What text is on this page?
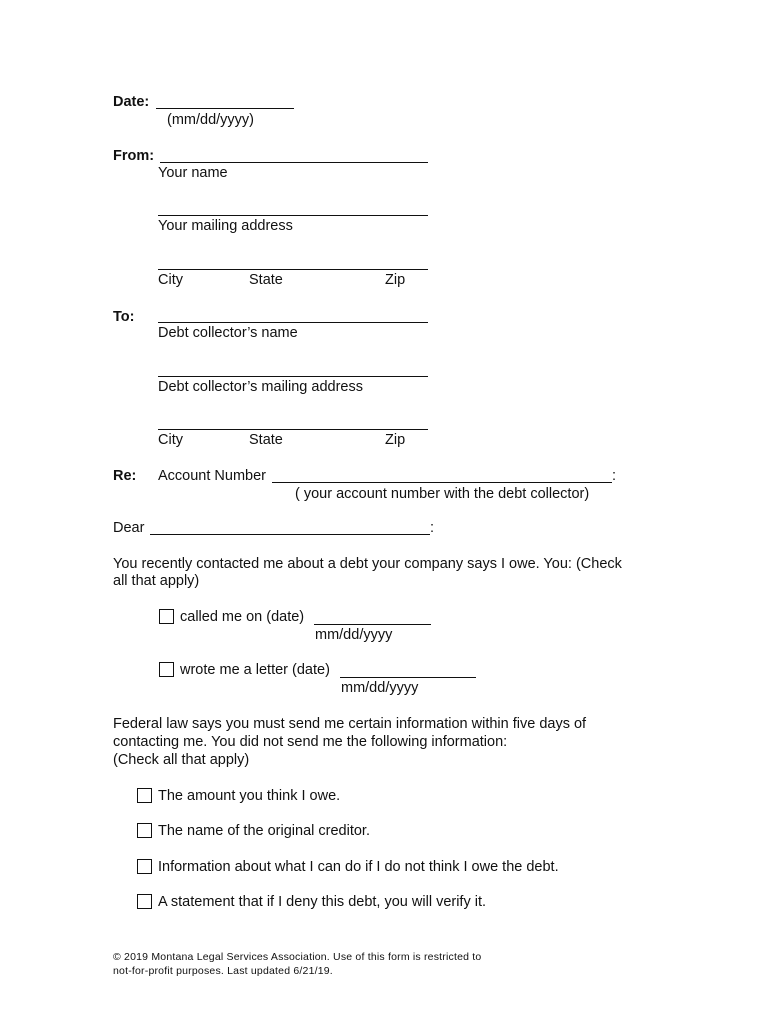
Date:
(mm/dd/yyyy)
From:
Your name
Your mailing address
City	State	Zip
To:
Debt collector’s name
Debt collector’s mailing address
City	State	Zip
Re: Account Number	:
( your account number with the debt collector)
Dear	:
You recently contacted me about a debt your company says I owe. You: (Check
all that apply)
called me on (date)
mm/dd/yyyy
wrote me a letter (date)
mm/dd/yyyy
Federal law says you must send me certain information within five days of
contacting me. You did not send me the following information:
(Check all that apply)
The amount you think I owe.
The name of the original creditor.
Information about what I can do if I do not think I owe the debt.
A statement that if I deny this debt, you will verify it.
© 2019 Montana Legal Services Association. Use of this form is restricted to
not-for-profit purposes. Last updated 6/21/19.
